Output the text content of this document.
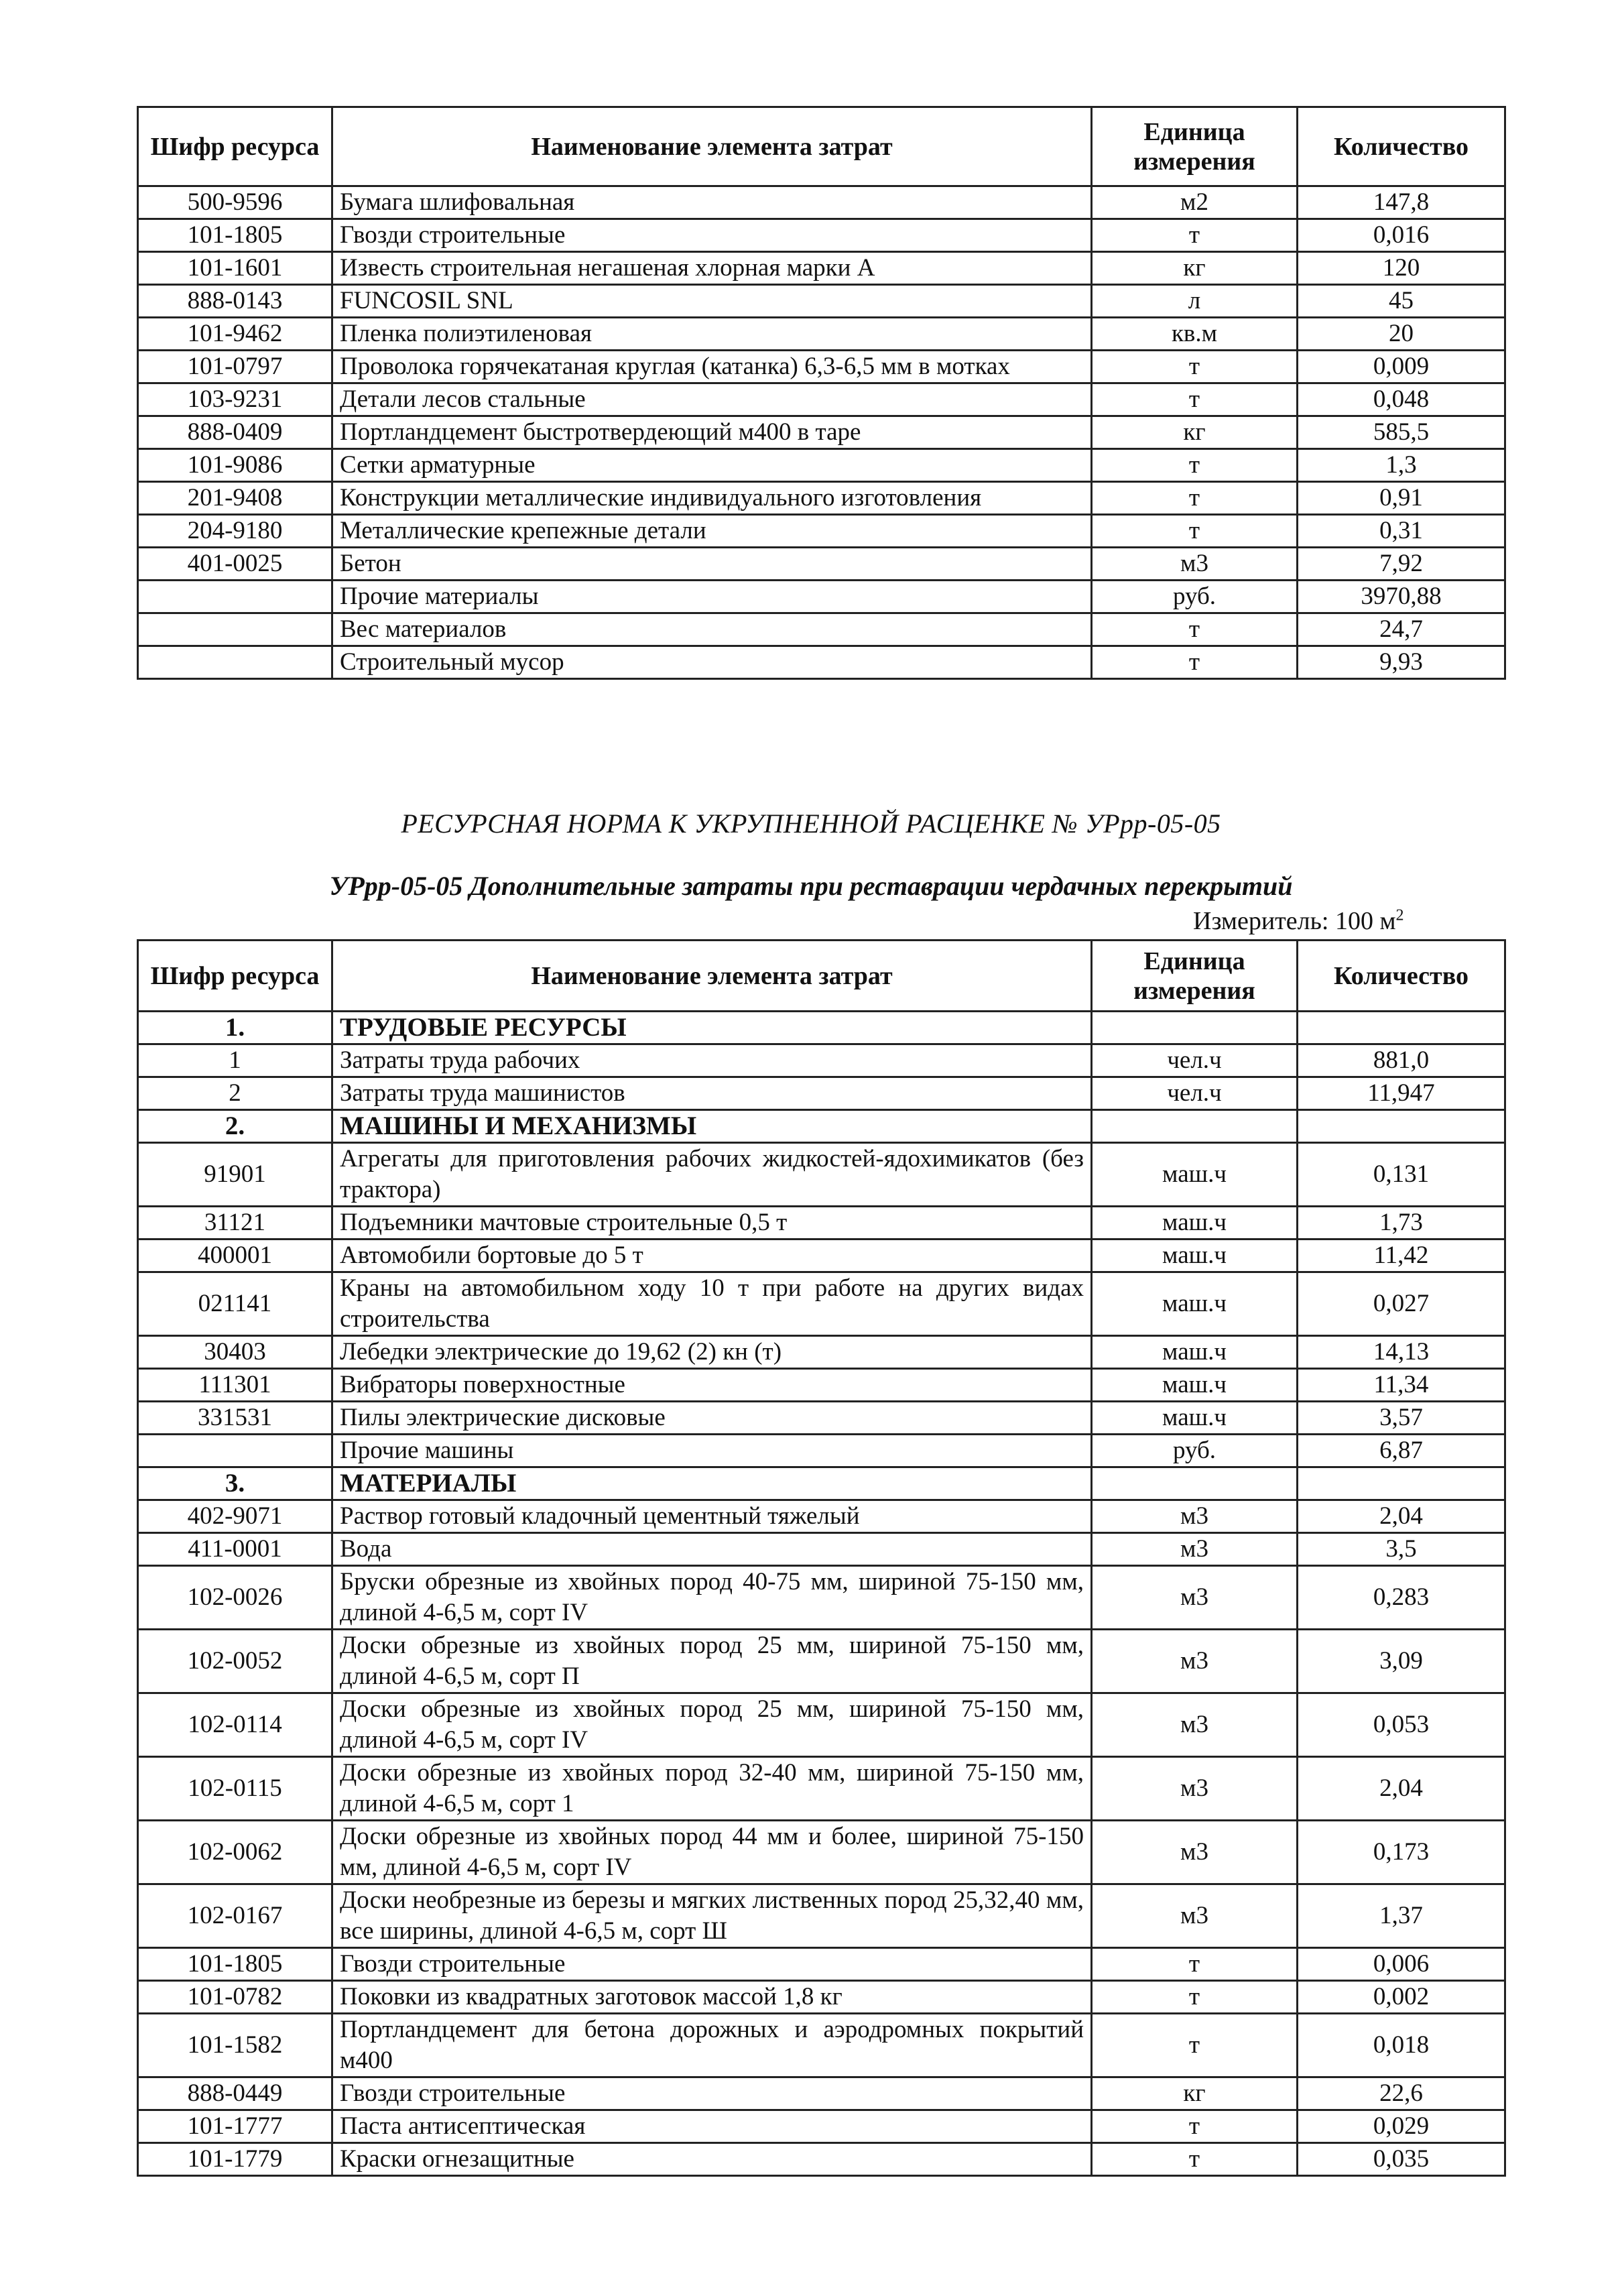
Шифр ресурса	Наименование элемента затрат	Единица измерения	Количество
500-9596	Бумага шлифовальная	м2	147,8
101-1805	Гвозди строительные	т	0,016
101-1601	Известь строительная негашеная хлорная марки А	кг	120
888-0143	FUNCOSIL SNL	л	45
101-9462	Пленка полиэтиленовая	кв.м	20
101-0797	Проволока горячекатаная круглая (катанка) 6,3-6,5 мм в мотках	т	0,009
103-9231	Детали лесов стальные	т	0,048
888-0409	Портландцемент быстротвердеющий м400 в таре	кг	585,5
101-9086	Сетки арматурные	т	1,3
201-9408	Конструкции металлические индивидуального изготовления	т	0,91
204-9180	Металлические крепежные детали	т	0,31
401-0025	Бетон	м3	7,92
	Прочие материалы	руб.	3970,88
	Вес материалов	т	24,7
	Строительный мусор	т	9,93
РЕСУРСНАЯ НОРМА К УКРУПНЕННОЙ РАСЦЕНКЕ № УРрр-05-05
УРрр-05-05 Дополнительные затраты при реставрации чердачных перекрытий
Измеритель: 100 $м^2$
Шифр ресурса	Наименование элемента затрат	Единица измерения	Количество
1.	ТРУДОВЫЕ РЕСУРСЫ		
1	Затраты труда рабочих	чел.ч	881,0
2	Затраты труда машинистов	чел.ч	11,947
2.	МАШИНЫ И МЕХАНИЗМЫ		
91901	Агрегаты для приготовления рабочих жидкостей-ядохимикатов (без трактора)	маш.ч	0,131
31121	Подъемники мачтовые строительные 0,5 т	маш.ч	1,73
400001	Автомобили бортовые до 5 т	маш.ч	11,42
021141	Краны на автомобильном ходу 10 т при работе на других видах строительства	маш.ч	0,027
30403	Лебедки электрические до 19,62 (2) кн (т)	маш.ч	14,13
111301	Вибраторы поверхностные	маш.ч	11,34
331531	Пилы электрические дисковые	маш.ч	3,57
	Прочие машины	руб.	6,87
3.	МАТЕРИАЛЫ		
402-9071	Раствор готовый кладочный цементный тяжелый	м3	2,04
411-0001	Вода	м3	3,5
102-0026	Бруски обрезные из хвойных пород 40-75 мм, шириной 75-150 мм, длиной 4-6,5 м, сорт IV	м3	0,283
102-0052	Доски обрезные из хвойных пород 25 мм, шириной 75-150 мм, длиной 4-6,5 м, сорт П	м3	3,09
102-0114	Доски обрезные из хвойных пород 25 мм, шириной 75-150 мм, длиной 4-6,5 м, сорт IV	м3	0,053
102-0115	Доски обрезные из хвойных пород 32-40 мм, шириной 75-150 мм, длиной 4-6,5 м, сорт 1	м3	2,04
102-0062	Доски обрезные из хвойных пород 44 мм и более, шириной 75-150 мм, длиной 4-6,5 м, сорт IV	м3	0,173
102-0167	Доски необрезные из березы и мягких лиственных пород 25,32,40 мм, все ширины, длиной 4-6,5 м, сорт Ш	м3	1,37
101-1805	Гвозди строительные	т	0,006
101-0782	Поковки из квадратных заготовок массой 1,8 кг	т	0,002
101-1582	Портландцемент для бетона дорожных и аэродромных покрытий м400	т	0,018
888-0449	Гвозди строительные	кг	22,6
101-1777	Паста антисептическая	т	0,029
101-1779	Краски огнезащитные	т	0,035
